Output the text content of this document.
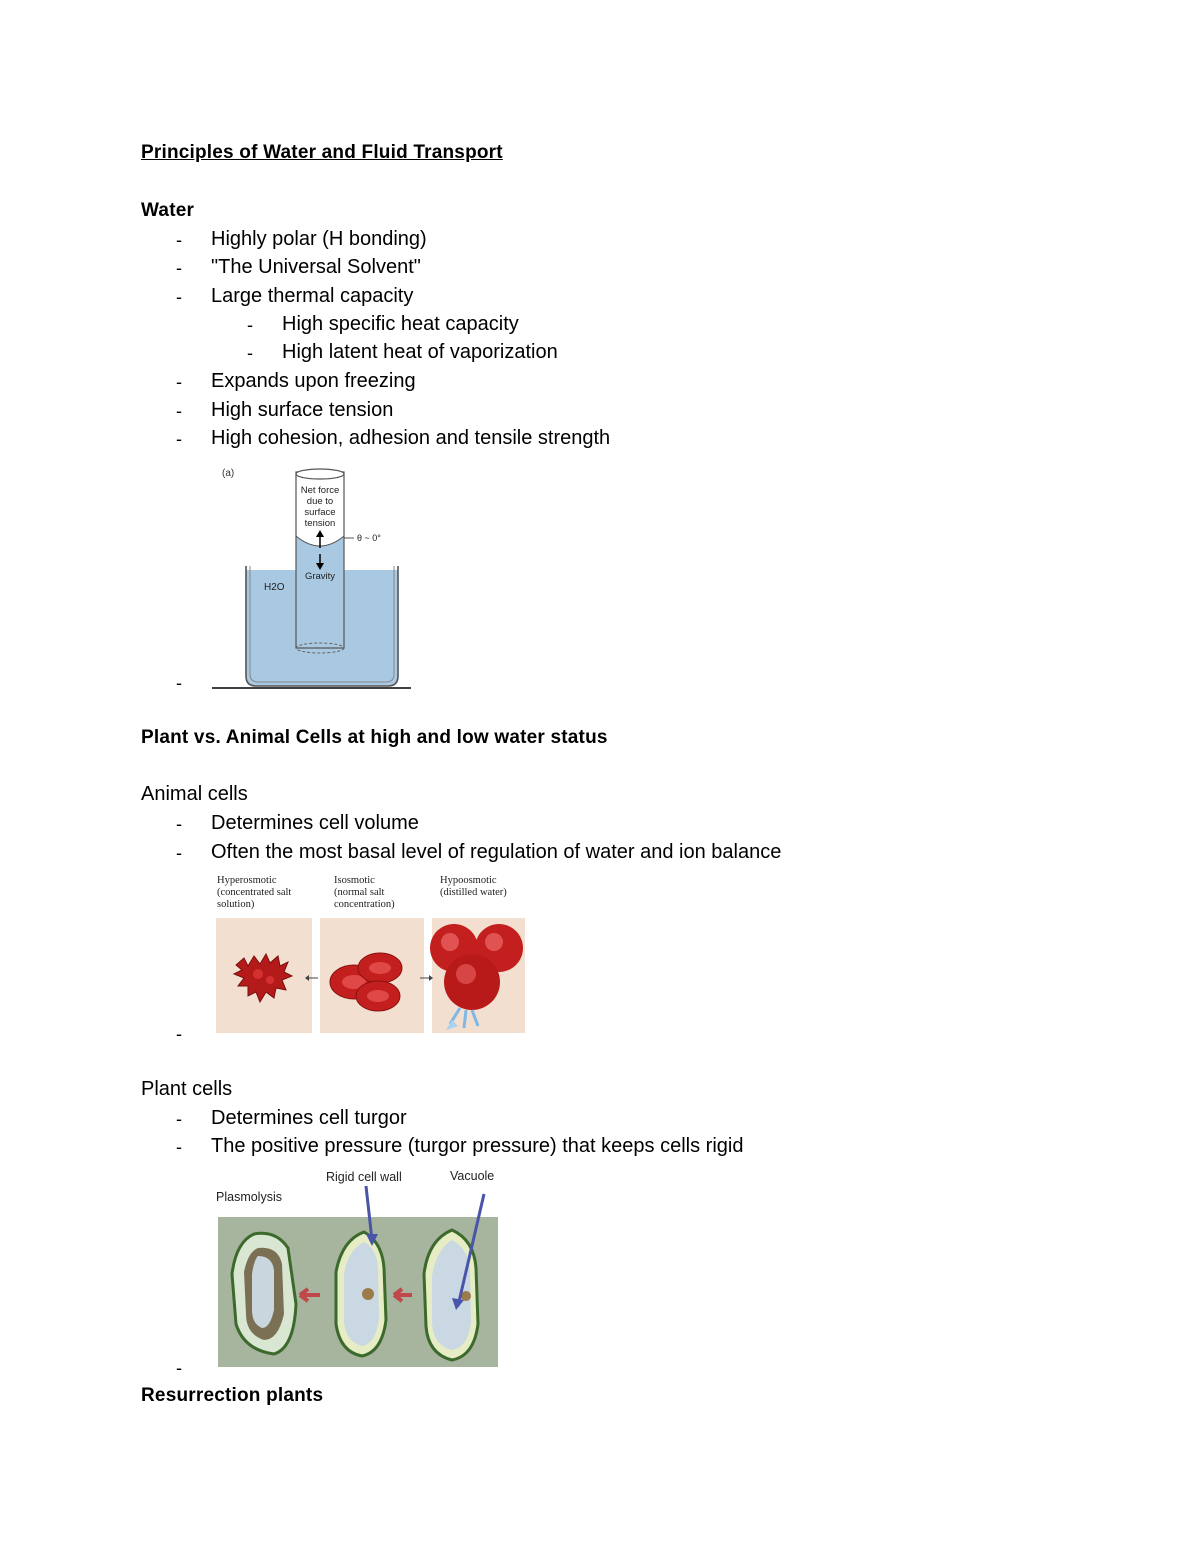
Principles of Water and Fluid Transport
Water
- Highly polar (H bonding)
- "The Universal Solvent"
- Large thermal capacity
- High specific heat capacity
- High latent heat of vaporization
- Expands upon freezing
- High surface tension
- High cohesion, adhesion and tensile strength
-
(a)
Net force
due to
surface
tension
θ ~ 0°
Gravity
H2O
Plant vs. Animal Cells at high and low water status
Animal cells
- Determines cell volume
- Often the most basal level of regulation of water and ion balance
-
Hyperosmotic
(concentrated salt
solution)
Isosmotic
(normal salt
concentration)
Hypoosmotic
(distilled water)
Plant cells
- Determines cell turgor
- The positive pressure (turgor pressure) that keeps cells rigid
-
Plasmolysis
Rigid cell wall	Vacuole
Resurrection plants
